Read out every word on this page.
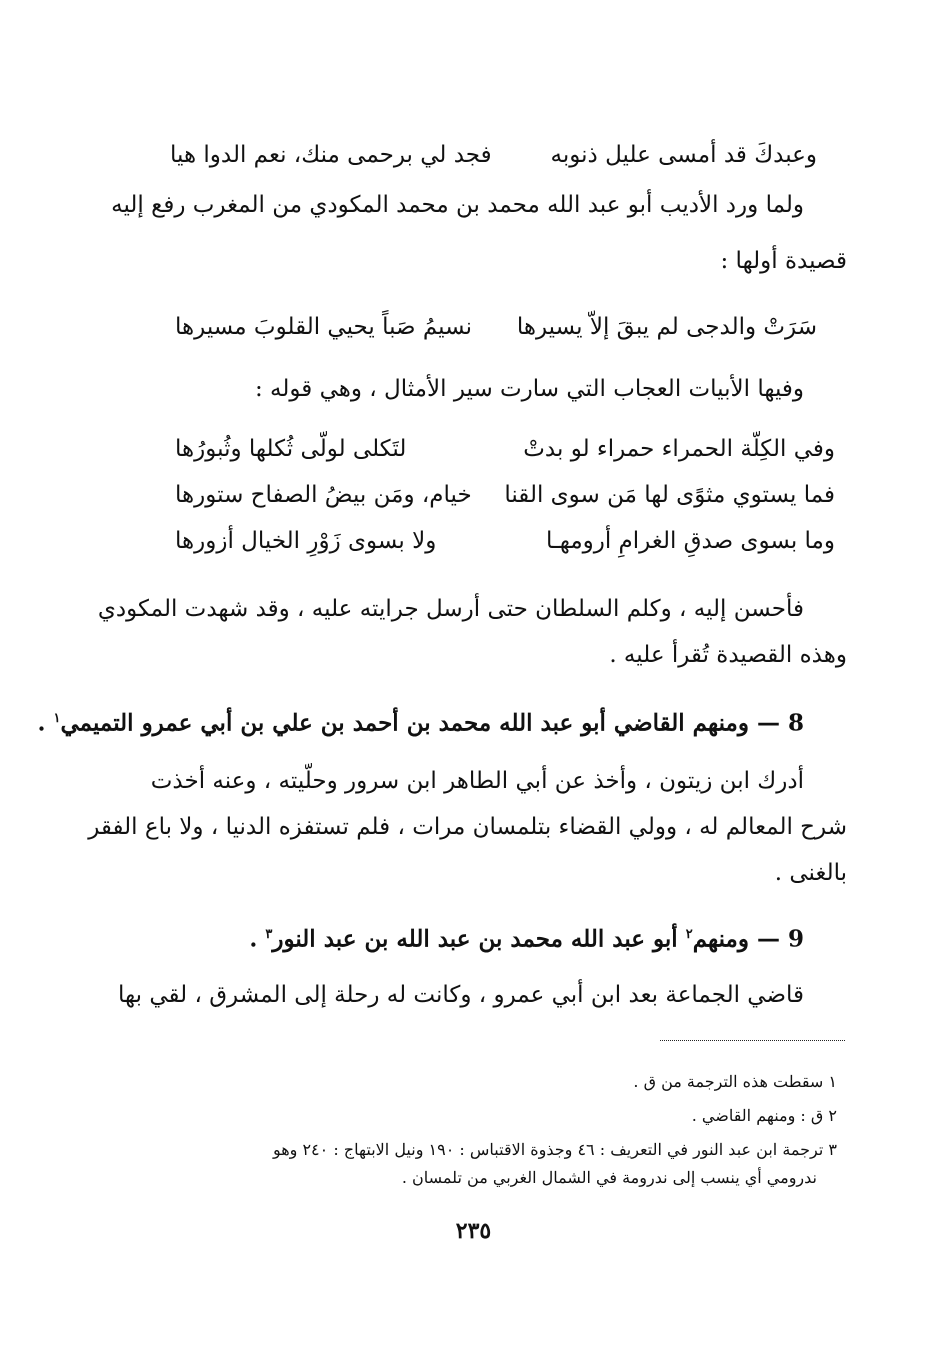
وعبدكَ قد أمسى عليل ذنوبه
فجد لي برحمى منك، نعم الدوا هيا
ولما ورد الأديب أبو عبد الله محمد بن محمد المكودي من المغرب رفع إليه
قصيدة أولها :
سَرَتْ والدجى لم يبقَ إلاّ يسيرها
نسيمُ صَباً يحيي القلوبَ مسيرها
وفيها الأبيات العجاب التي سارت سير الأمثال ، وهي قوله :
وفي الكِلّة الحمراء حمراء لو بدتْ
لتَكلى لولّى ثُكلها وثُبورُها
فما يستوي مثوًى لها مَن سوى القنا
خيام، ومَن بيضُ الصفاح ستورها
وما بسوى صدقِ الغرامِ أرومهـا
ولا بسوى زَوْرِ الخيال أزورها
فأحسن إليه ، وكلم السلطان حتى أرسل جرايته عليه ، وقد شهدت المكودي
وهذه القصيدة تُقرأ عليه .
8 — ومنهم القاضي أبو عبد الله محمد بن أحمد بن علي بن أبي عمرو التميمي$^١$ .
أدرك ابن زيتون ، وأخذ عن أبي الطاهر ابن سرور وحلّيته ، وعنه أخذت
شرح المعالم له ، وولي القضاء بتلمسان مرات ، فلم تستفزه الدنيا ، ولا باع الفقر
بالغنى .
9 — ومنهم$^٢$ أبو عبد الله محمد بن عبد الله بن عبد النور$^٣$ .
قاضي الجماعة بعد ابن أبي عمرو ، وكانت له رحلة إلى المشرق ، لقي بها
١ سقطت هذه الترجمة من ق .
٢ ق : ومنهم القاضي .
٣ ترجمة ابن عبد النور في التعريف : ٤٦ وجذوة الاقتباس : ١٩٠ ونيل الابتهاج : ٢٤٠ وهو
ندرومي أي ينسب إلى ندرومة في الشمال الغربي من تلمسان .
٢٣٥
